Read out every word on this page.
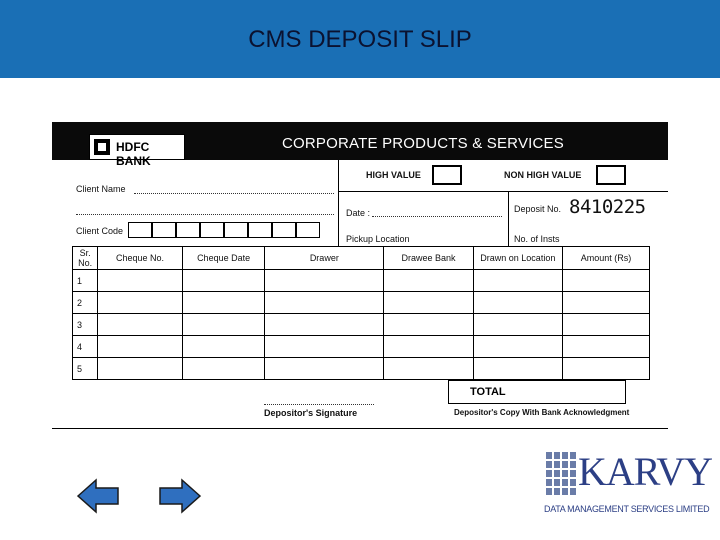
CMS DEPOSIT SLIP
HDFC BANK
CORPORATE PRODUCTS & SERVICES
HIGH VALUE	NON HIGH VALUE
Client Name
Date :	Deposit No. 8410225
Client Code
Pickup Location	No. of Insts
Sr. No.	Cheque No.	Cheque Date	Drawer	Drawee Bank	Drawn on Location	Amount (Rs)
1						
2						
3						
4						
5						
TOTAL
Depositor's Signature	Depositor's Copy With Bank Acknowledgment
KARVY
DATA MANAGEMENT SERVICES LIMITED
